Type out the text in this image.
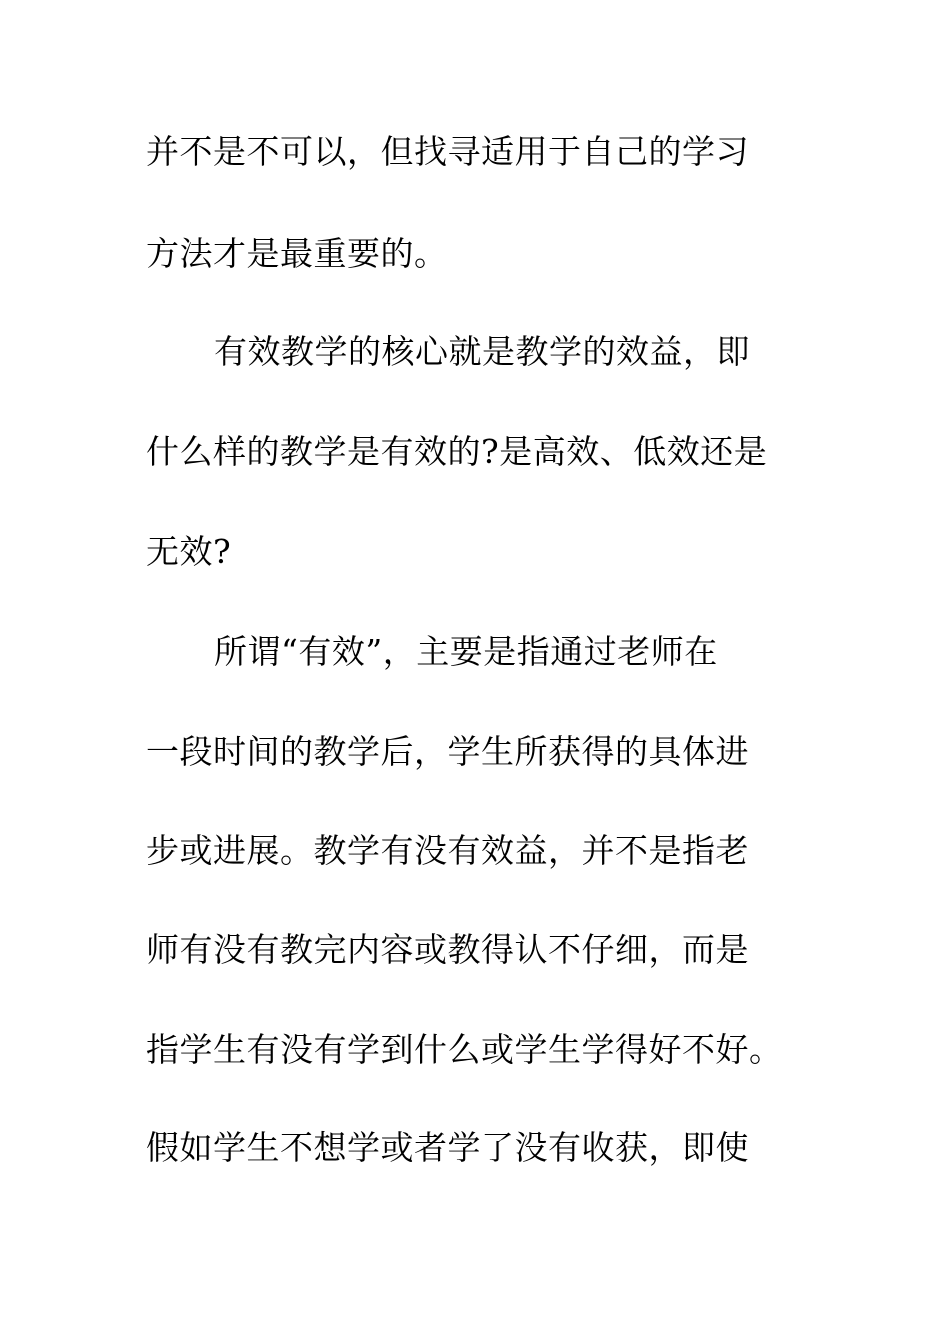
并不是不可以，但找寻适用于自己的学习
方法才是最重要的。
有效教学的核心就是教学的效益，即
什么样的教学是有效的?是高效、低效还是
无效?
所谓“有效”，主要是指通过老师在
一段时间的教学后，学生所获得的具体进
步或进展。教学有没有效益，并不是指老
师有没有教完内容或教得认不仔细，而是
指学生有没有学到什么或学生学得好不好。
假如学生不想学或者学了没有收获，即使
